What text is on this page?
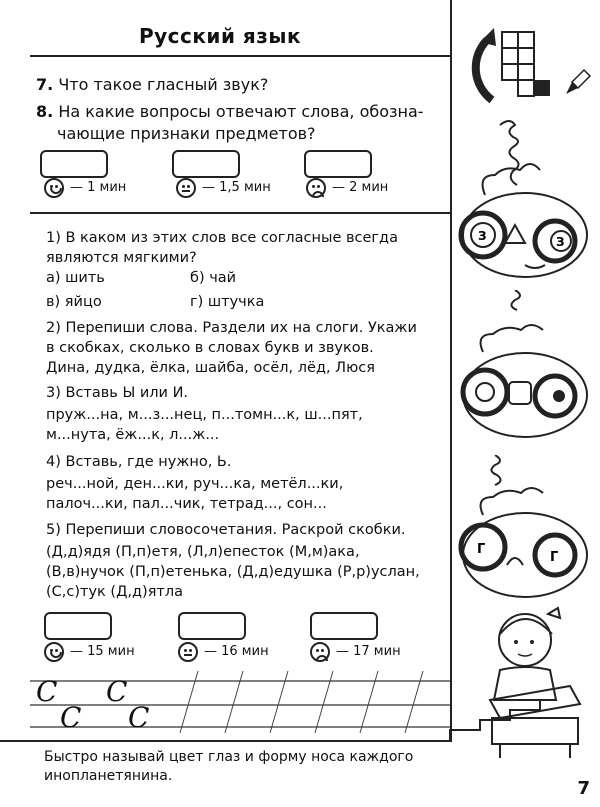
Русский язык
7. Что такое гласный звук?
8. На какие вопросы отвечают слова, обозна-
чающие признаки предметов?
— 1 мин	— 1,5 мин	— 2 мин
1) В каком из этих слов все согласные всегда
являются мягкими?
а) шить	б) чай
в) яйцо	г) штучка
2) Перепиши слова. Раздели их на слоги. Укажи
в скобках, сколько в словах букв и звуков.
Дина, дудка, ёлка, шайба, осёл, лёд, Люся
3) Вставь Ы или И.
пруж...на, м...з...нец, п...томн...к, ш...пят,
м...нута, ёж...к, л...ж...
4) Вставь, где нужно, Ь.
реч...ной, ден...ки, руч...ка, метёл...ки,
палоч...ки, пал...чик, тетрад..., сон...
5) Перепиши словосочетания. Раскрой скобки.
(Д,д)ядя (П,п)етя, (Л,л)епесток (М,м)ака,
(В,в)нучок (П,п)етенька, (Д,д)едушка (Р,р)услан,
(С,с)тук (Д,д)ятла
— 15 мин	— 16 мин	— 17 мин
C
C
C
C
Быстро называй цвет глаз и форму носа каждого
инопланетянина.
7
З	З
Г
Г
